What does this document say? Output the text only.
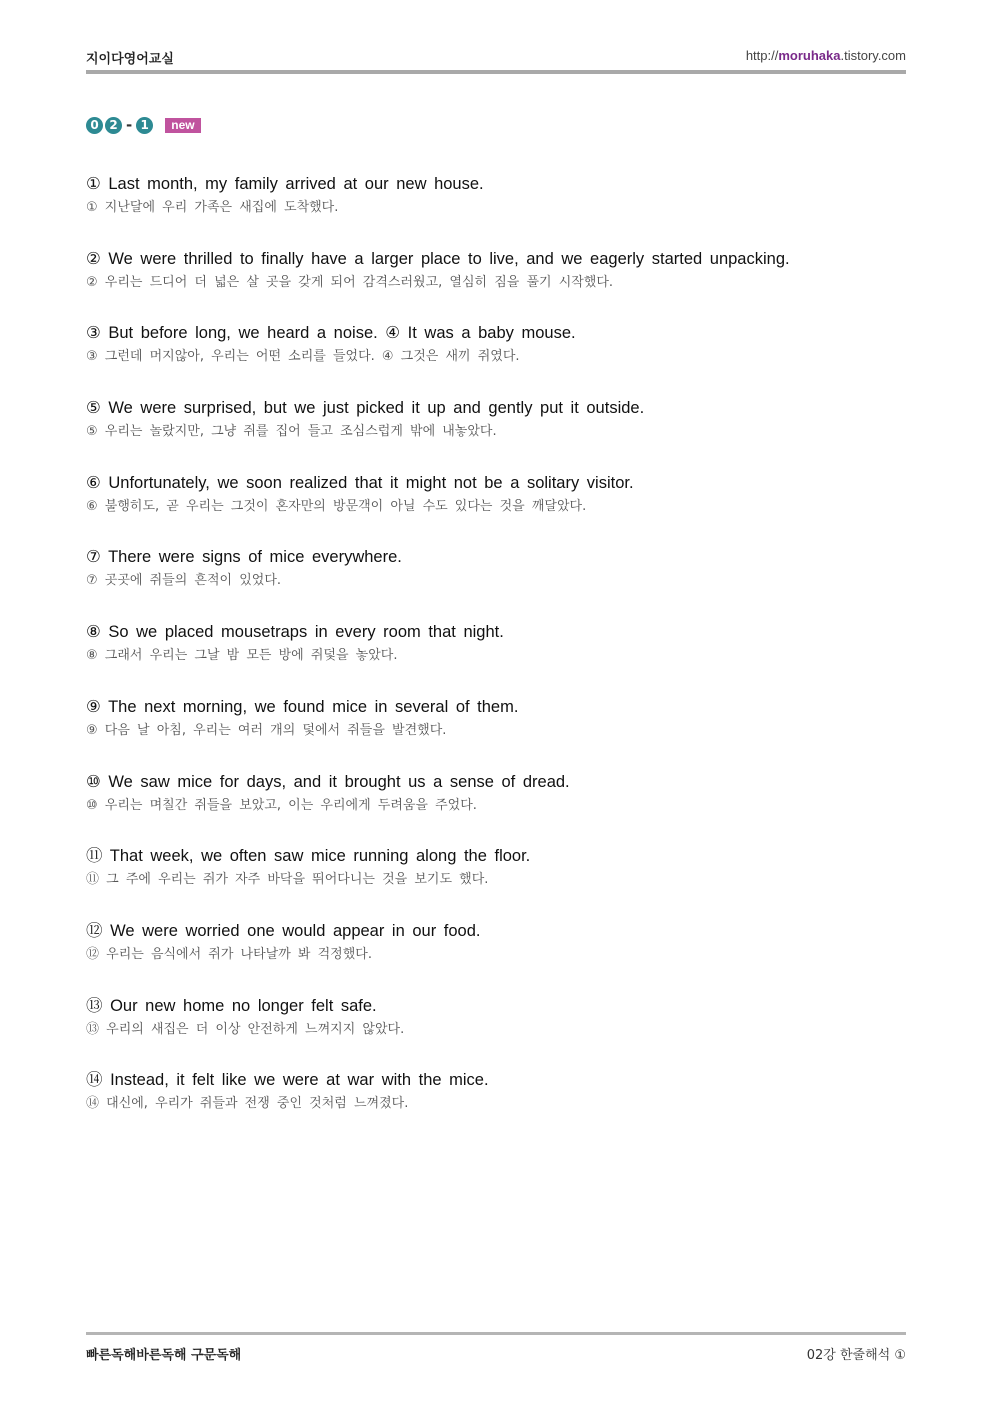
지이다영어교실	http://moruhaka.tistory.com
0 2 - 1	new
① Last month, my family arrived at our new house.
① 지난달에 우리 가족은 새집에 도착했다.
② We were thrilled to finally have a larger place to live, and we eagerly started unpacking.
② 우리는 드디어 더 넓은 살 곳을 갖게 되어 감격스러웠고, 열심히 짐을 풀기 시작했다.
③ But before long, we heard a noise. ④ It was a baby mouse.
③ 그런데 머지않아, 우리는 어떤 소리를 들었다. ④ 그것은 새끼 쥐였다.
⑤ We were surprised, but we just picked it up and gently put it outside.
⑤ 우리는 놀랐지만, 그냥 쥐를 집어 들고 조심스럽게 밖에 내놓았다.
⑥ Unfortunately, we soon realized that it might not be a solitary visitor.
⑥ 불행히도, 곧 우리는 그것이 혼자만의 방문객이 아닐 수도 있다는 것을 깨달았다.
⑦ There were signs of mice everywhere.
⑦ 곳곳에 쥐들의 흔적이 있었다.
⑧ So we placed mousetraps in every room that night.
⑧ 그래서 우리는 그날 밤 모든 방에 쥐덫을 놓았다.
⑨ The next morning, we found mice in several of them.
⑨ 다음 날 아침, 우리는 여러 개의 덫에서 쥐들을 발견했다.
⑩ We saw mice for days, and it brought us a sense of dread.
⑩ 우리는 며칠간 쥐들을 보았고, 이는 우리에게 두려움을 주었다.
⑪ That week, we often saw mice running along the floor.
⑪ 그 주에 우리는 쥐가 자주 바닥을 뛰어다니는 것을 보기도 했다.
⑫ We were worried one would appear in our food.
⑫ 우리는 음식에서 쥐가 나타날까 봐 걱정했다.
⑬ Our new home no longer felt safe.
⑬ 우리의 새집은 더 이상 안전하게 느껴지지 않았다.
⑭ Instead, it felt like we were at war with the mice.
⑭ 대신에, 우리가 쥐들과 전쟁 중인 것처럼 느껴졌다.
빠른독해바른독해 구문독해	02강 한줄해석 ①
